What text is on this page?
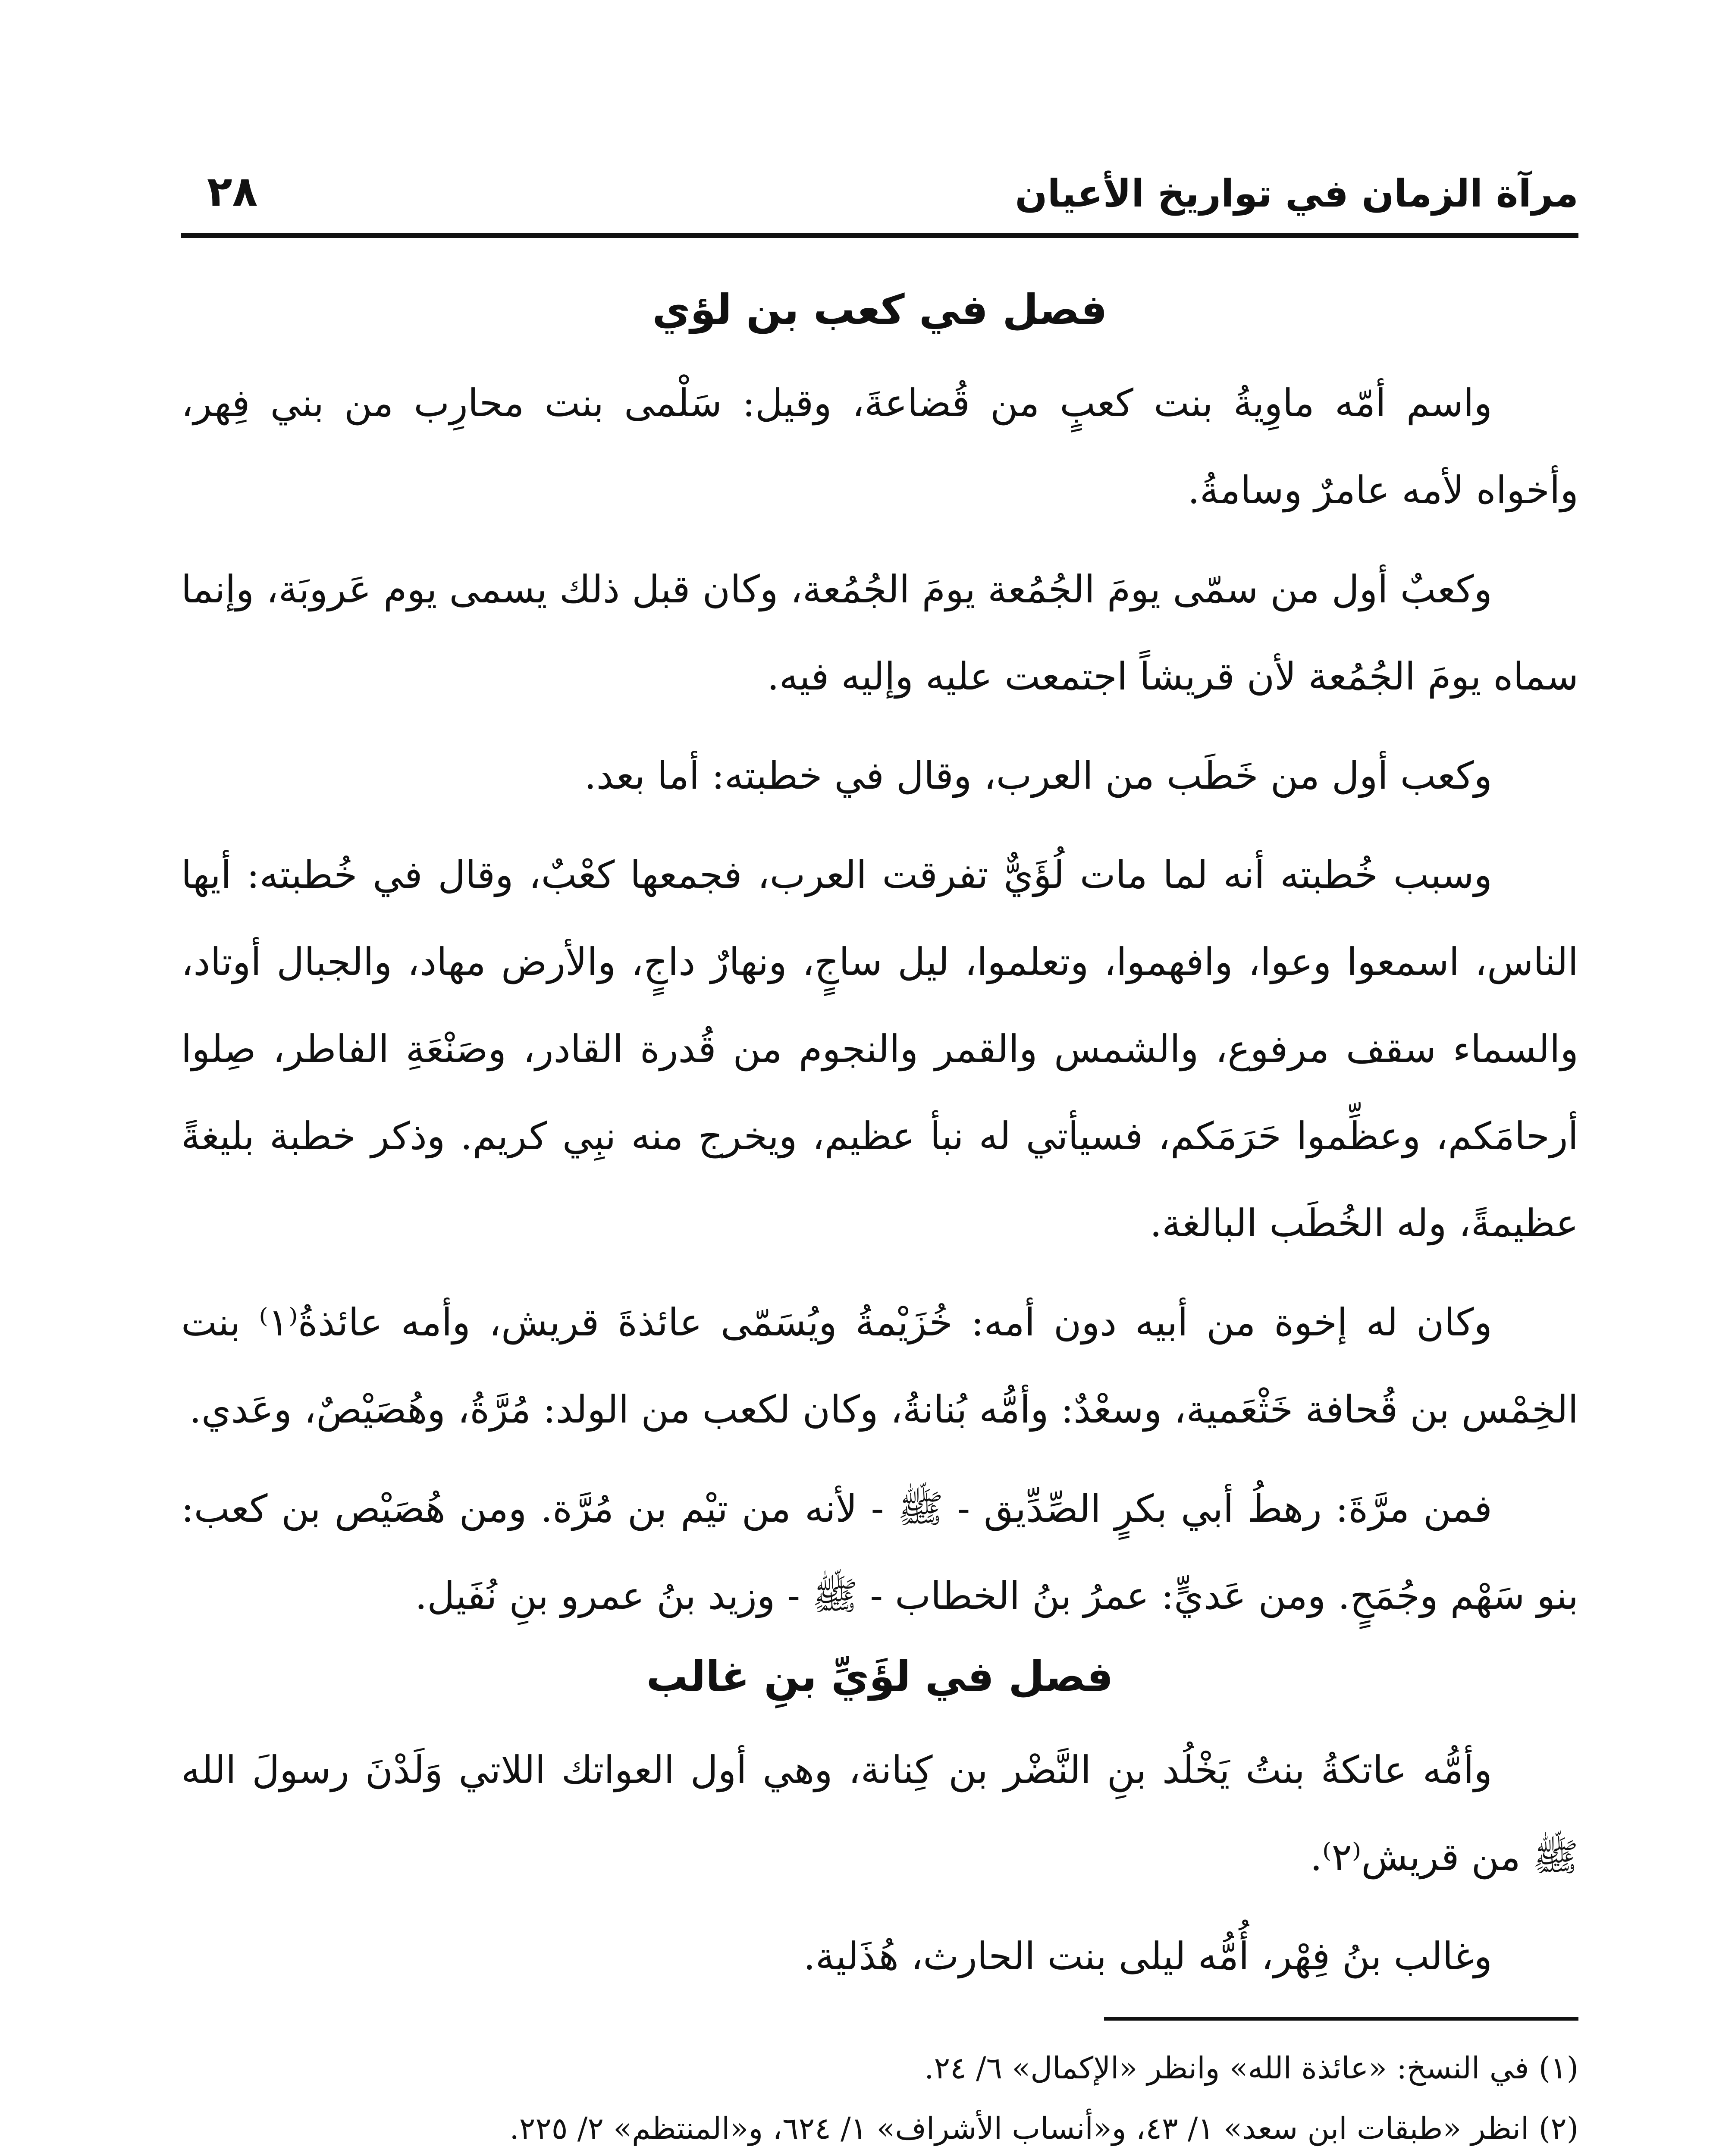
مرآة الزمان في تواريخ الأعيان
٢٨
فصل في كعب بن لؤي

واسم أمّه ماوِيةُ بنت كعبٍ من قُضاعةَ، وقيل: سَلْمى بنت محارِب من بني فِهر، وأخواه لأمه عامرٌ وسامةُ.

وكعبٌ أول من سمّى يومَ الجُمُعة يومَ الجُمُعة، وكان قبل ذلك يسمى يوم عَروبَة، وإنما سماه يومَ الجُمُعة لأن قريشاً اجتمعت عليه وإليه فيه.

وكعب أول من خَطَب من العرب، وقال في خطبته: أما بعد.

وسبب خُطبته أنه لما مات لُؤَيٌّ تفرقت العرب، فجمعها كعْبٌ، وقال في خُطبته: أيها الناس، اسمعوا وعوا، وافهموا، وتعلموا، ليل ساجٍ، ونهارٌ داجٍ، والأرض مهاد، والجبال أوتاد، والسماء سقف مرفوع، والشمس والقمر والنجوم من قُدرة القادر، وصَنْعَةِ الفاطر، صِلوا أرحامَكم، وعظِّموا حَرَمَكم، فسيأتي له نبأ عظيم، ويخرج منه نبِي كريم. وذكر خطبة بليغةً عظيمةً، وله الخُطَب البالغة.

وكان له إخوة من أبيه دون أمه: خُزَيْمةُ ويُسَمّى عائذةَ قريش، وأمه عائذةُ⁽١⁾ بنت الخِمْس بن قُحافة خَثْعَمية، وسعْدٌ: وأمُّه بُنانةُ، وكان لكعب من الولد: مُرَّةُ، وهُصَيْصٌ، وعَدي.

فمن مرَّةَ: رهطُ أبي بكرٍ الصِّدِّيق - ﷺ - لأنه من تيْم بن مُرَّة. ومن هُصَيْص بن كعب: بنو سَهْم وجُمَحٍ. ومن عَديٍّ: عمرُ بنُ الخطاب - ﷺ - وزيد بنُ عمرو بنِ نُفَيل.

فصل في لؤَيِّ بنِ غالب

وأمُّه عاتكةُ بنتُ يَخْلُد بنِ النَّضْر بن كِنانة، وهي أول العواتك اللاتي وَلَدْنَ رسولَ الله ﷺ من قريش⁽٢⁾.

وغالب بنُ فِهْر، أُمُّه ليلى بنت الحارث، هُذَلية.

(١) في النسخ: «عائذة الله» وانظر «الإكمال» ٦/ ٢٤.

(٢) انظر «طبقات ابن سعد» ١/ ٤٣، و«أنساب الأشراف» ١/ ٦٢٤، و«المنتظم» ٢/ ٢٢٥.
